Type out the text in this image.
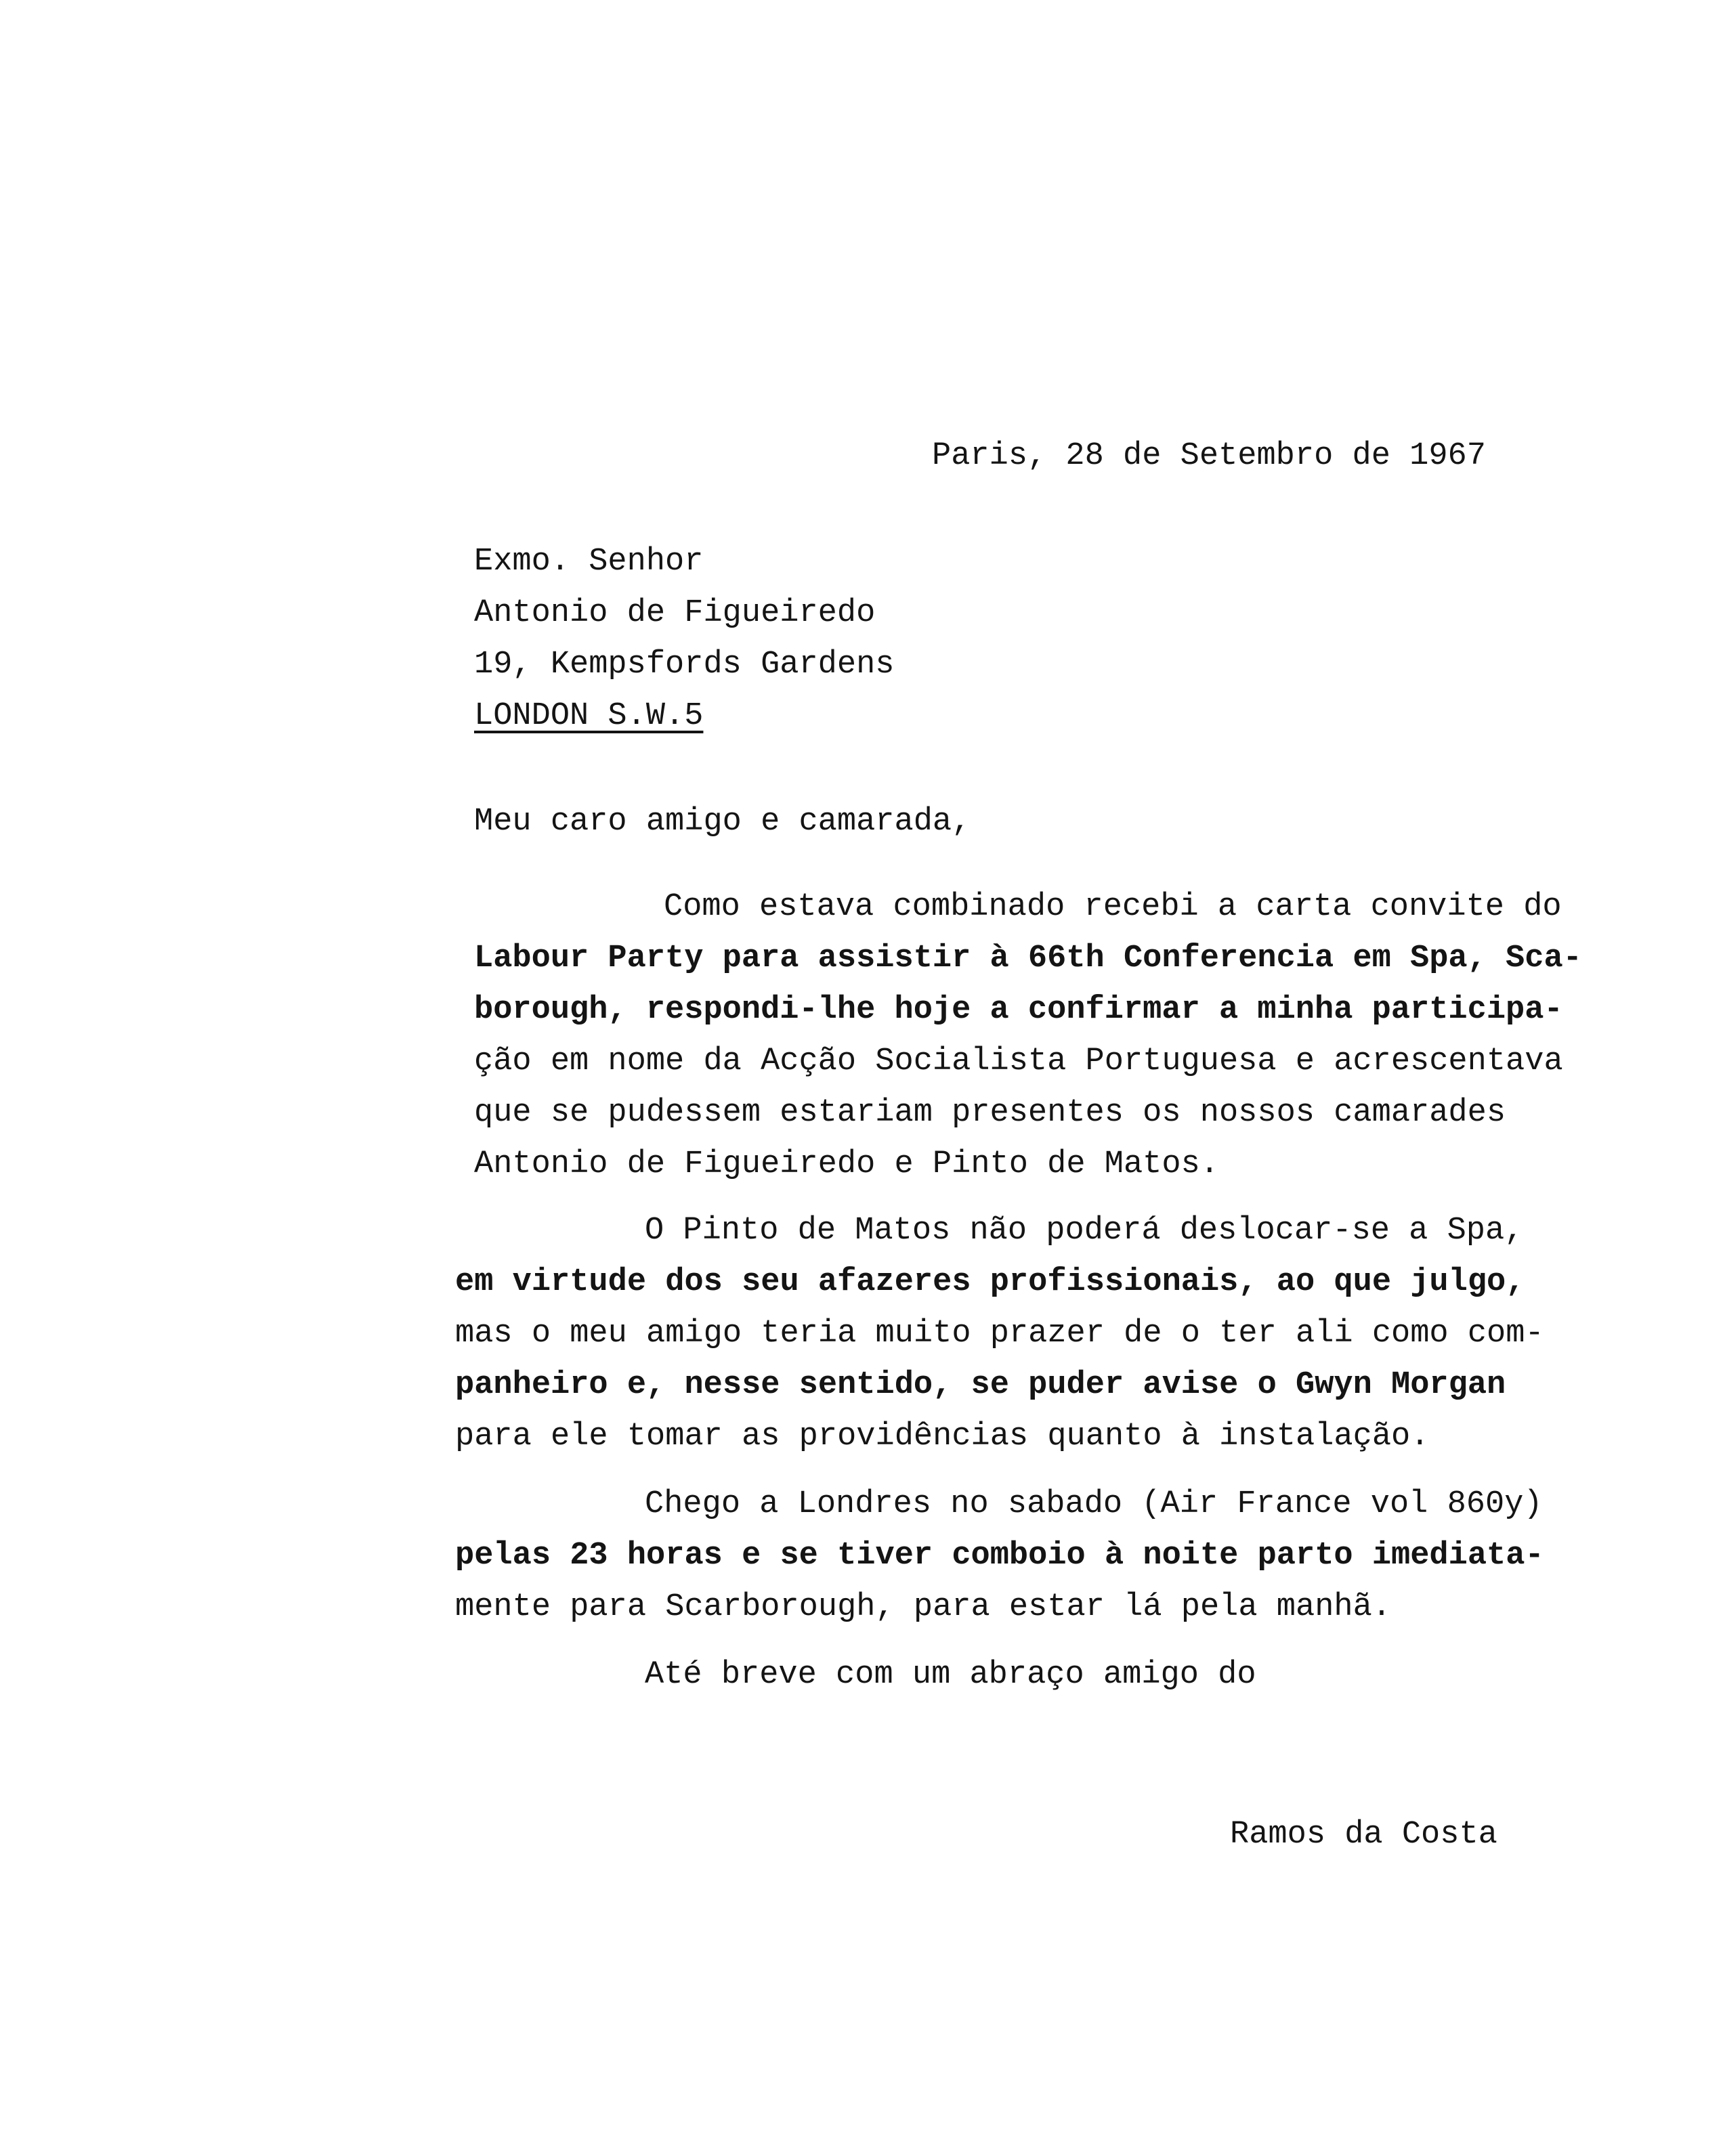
Paris, 28 de Setembro de 1967

Exmo. Senhor

Antonio de Figueiredo

19, Kempsfords Gardens

LONDON S.W.5

Meu caro amigo e camarada,

Como estava combinado recebi a carta convite do
Labour Party para assistir à 66th Conferencia em Spa, Sca-
borough, respondi-lhe hoje a confirmar a minha participa-
ção em nome da Acção Socialista Portuguesa e acrescentava
que se pudessem estariam presentes os nossos camarades
Antonio de Figueiredo e Pinto de Matos.
O Pinto de Matos não poderá deslocar-se a Spa,
em virtude dos seu afazeres profissionais, ao que julgo,
mas o meu amigo teria muito prazer de o ter ali como com-
panheiro e, nesse sentido, se puder avise o Gwyn Morgan
para ele tomar as providências quanto à instalação.
Chego a Londres no sabado (Air France vol 860y)
pelas 23 horas e se tiver comboio à noite parto imediata-
mente para Scarborough, para estar lá pela manhã.
Até breve com um abraço amigo do

Ramos da Costa
